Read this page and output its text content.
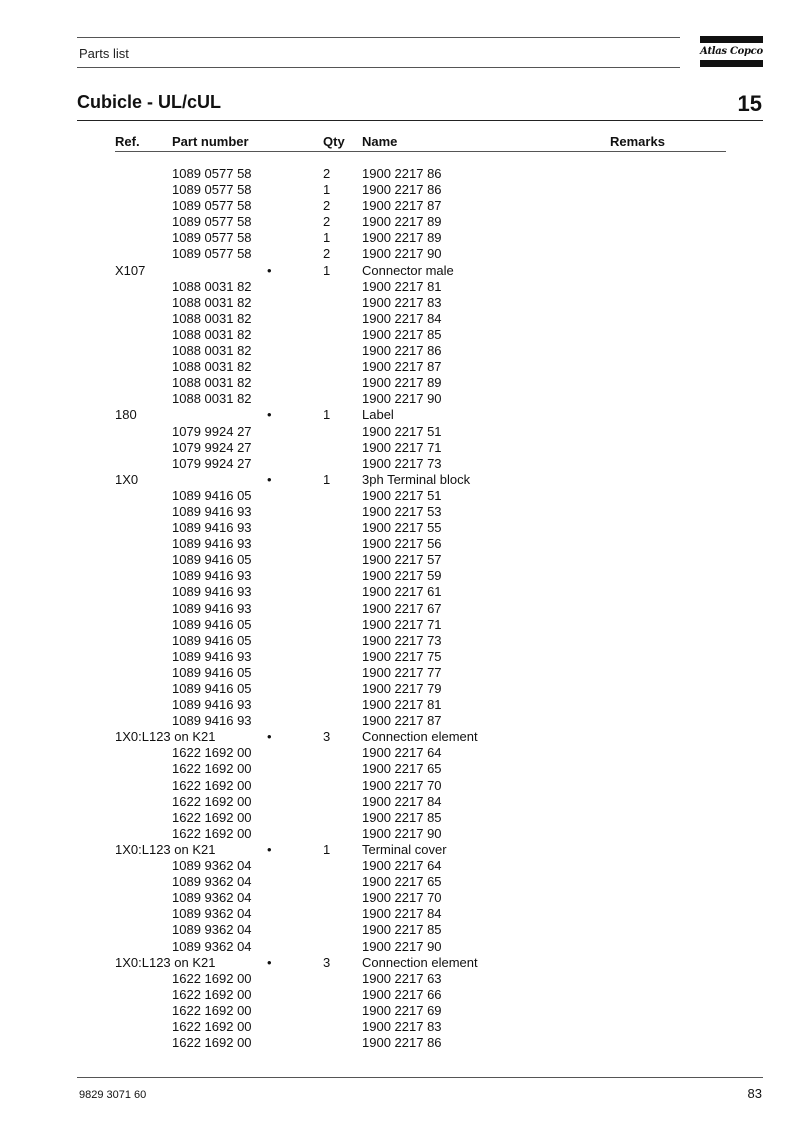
Parts list	Atlas Copco
Cubicle - UL/cUL	15
Ref. Part number	Qty Name	Remarks
1089 0577 58	2 1900 2217 86
1089 0577 58	1 1900 2217 86
1089 0577 58	2 1900 2217 87
1089 0577 58	2 1900 2217 89
1089 0577 58	1 1900 2217 89
1089 0577 58	2 1900 2217 90
X107	•	1 Connector male
1088 0031 82	1900 2217 81
1088 0031 82	1900 2217 83
1088 0031 82	1900 2217 84
1088 0031 82	1900 2217 85
1088 0031 82	1900 2217 86
1088 0031 82	1900 2217 87
1088 0031 82	1900 2217 89
1088 0031 82	1900 2217 90
180	•	1 Label
1079 9924 27	1900 2217 51
1079 9924 27	1900 2217 71
1079 9924 27	1900 2217 73
1X0	•	1 3ph Terminal block
1089 9416 05	1900 2217 51
1089 9416 93	1900 2217 53
1089 9416 93	1900 2217 55
1089 9416 93	1900 2217 56
1089 9416 05	1900 2217 57
1089 9416 93	1900 2217 59
1089 9416 93	1900 2217 61
1089 9416 93	1900 2217 67
1089 9416 05	1900 2217 71
1089 9416 05	1900 2217 73
1089 9416 93	1900 2217 75
1089 9416 05	1900 2217 77
1089 9416 05	1900 2217 79
1089 9416 93	1900 2217 81
1089 9416 93	1900 2217 87
1X0:L123 on K21	•	3 Connection element
1622 1692 00	1900 2217 64
1622 1692 00	1900 2217 65
1622 1692 00	1900 2217 70
1622 1692 00	1900 2217 84
1622 1692 00	1900 2217 85
1622 1692 00	1900 2217 90
1X0:L123 on K21	•	1 Terminal cover
1089 9362 04	1900 2217 64
1089 9362 04	1900 2217 65
1089 9362 04	1900 2217 70
1089 9362 04	1900 2217 84
1089 9362 04	1900 2217 85
1089 9362 04	1900 2217 90
1X0:L123 on K21	•	3 Connection element
1622 1692 00	1900 2217 63
1622 1692 00	1900 2217 66
1622 1692 00	1900 2217 69
1622 1692 00	1900 2217 83
1622 1692 00	1900 2217 86
9829 3071 60	83
